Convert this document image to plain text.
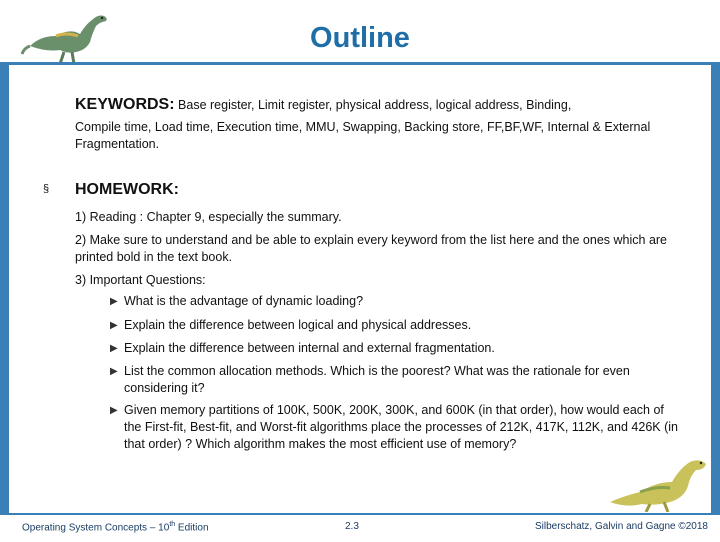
Outline
KEYWORDS: Base register, Limit register, physical address, logical address, Binding,
Compile time, Load time, Execution time, MMU, Swapping, Backing store, FF,BF,WF, Internal & External Fragmentation.
§ HOMEWORK:
1) Reading : Chapter 9, especially the summary.
2) Make sure to understand and be able to explain every keyword from the list here and the ones which are printed bold in the text book.
3) Important Questions:
▶ What is the advantage of dynamic loading?
▶ Explain the difference between logical and physical addresses.
▶ Explain the difference between internal and external fragmentation.
▶ List the common allocation methods. Which is the poorest? What was the rationale for even considering it?
▶ Given memory partitions of 100K, 500K, 200K, 300K, and 600K (in that order), how would each of the First-fit, Best-fit, and Worst-fit algorithms place the processes of 212K, 417K, 112K, and 426K (in that order) ? Which algorithm makes the most efficient use of memory?
Operating System Concepts – 10th Edition	2.3	Silberschatz, Galvin and Gagne ©2018
